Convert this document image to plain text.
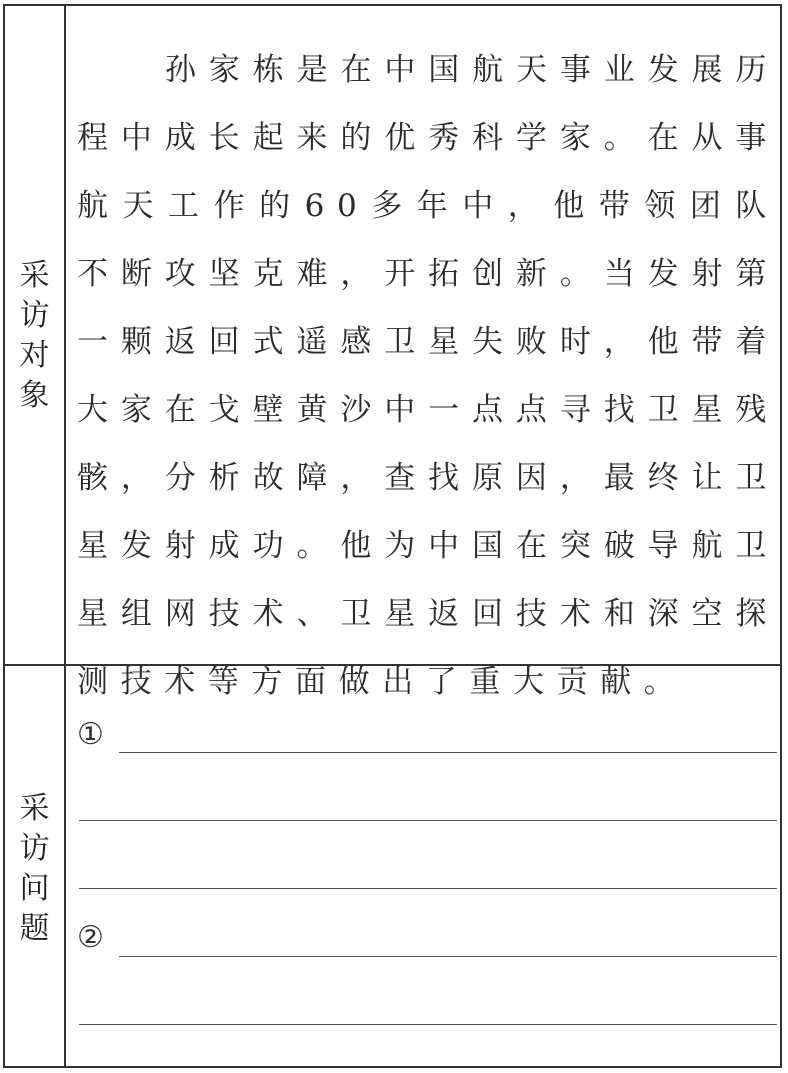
采
访
对
象

孙家栋是在中国航天事业发展历程中成长起来的优秀科学家。在从事航天工作的60多年中，他带领团队不断攻坚克难，开拓创新。当发射第一颗返回式遥感卫星失败时，他带着大家在戈壁黄沙中一点点寻找卫星残骸，分析故障，查找原因，最终让卫星发射成功。他为中国在突破导航卫星组网技术、卫星返回技术和深空探测技术等方面做出了重大贡献。

采
访
问
题
①
②
